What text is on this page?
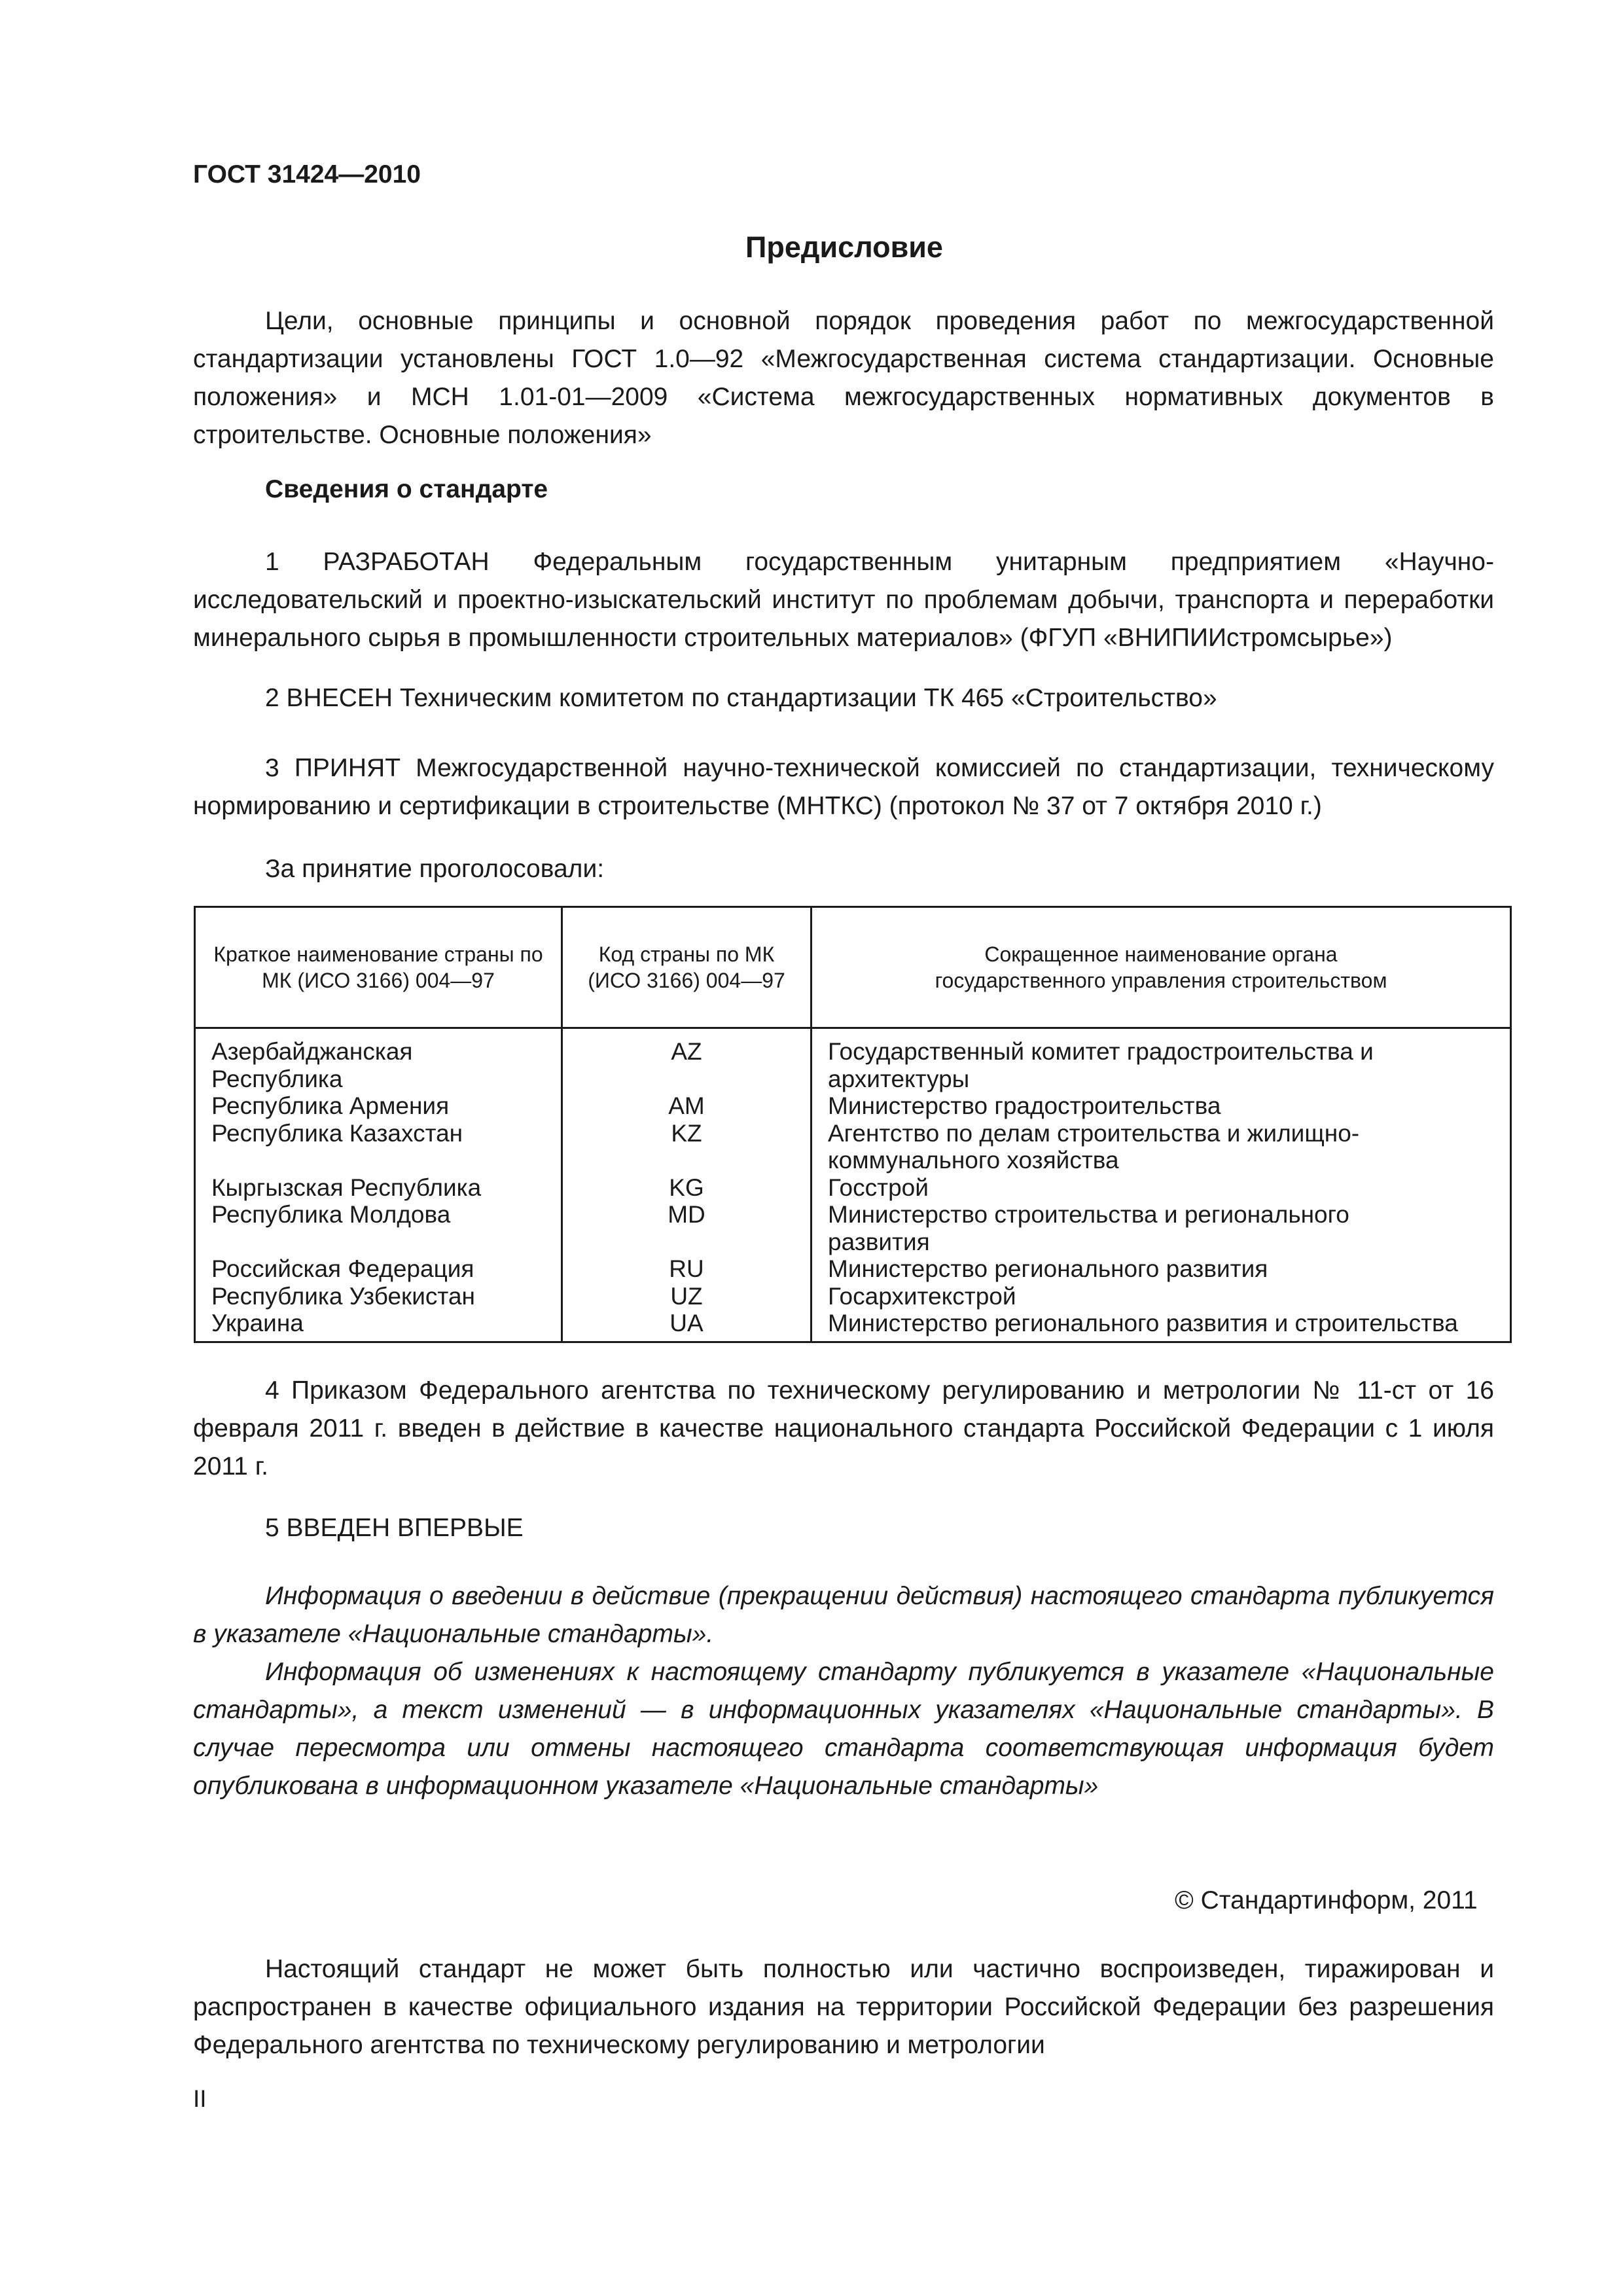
ГОСТ 31424—2010
Предисловие

Цели, основные принципы и основной порядок проведения работ по межгосударственной стандартизации установлены ГОСТ 1.0—92 «Межгосударственная система стандартизации. Основные положения» и МСН 1.01-01—2009 «Система межгосударственных нормативных документов в строительстве. Основные положения»

Сведения о стандарте

1 РАЗРАБОТАН Федеральным государственным унитарным предприятием «Научно-исследовательский и проектно-изыскательский институт по проблемам добычи, транспорта и переработки минерального сырья в промышленности строительных материалов» (ФГУП «ВНИПИИстромсырье»)

2 ВНЕСЕН Техническим комитетом по стандартизации ТК 465 «Строительство»

3 ПРИНЯТ Межгосударственной научно-технической комиссией по стандартизации, техническому нормированию и сертификации в строительстве (МНТКС) (протокол № 37 от 7 октября 2010 г.)

За принятие проголосовали:
Краткое наименование страны по МК (ИСО 3166) 004—97	Код страны по МК (ИСО 3166) 004—97	Сокращенное наименование органа государственного управления строительством
Азербайджанская Республика	AZ	Государственный комитет градостроительства и архитектуры
Республика Армения	AM	Министерство градостроительства
Республика Казахстан	KZ	Агентство по делам строительства и жилищно-коммунального хозяйства
Кыргызская Республика	KG	Госстрой
Республика Молдова	MD	Министерство строительства и регионального развития
Российская Федерация	RU	Министерство регионального развития
Республика Узбекистан	UZ	Госархитекстрой
Украина	UA	Министерство регионального развития и строительства

4 Приказом Федерального агентства по техническому регулированию и метрологии № 11-ст от 16 февраля 2011 г. введен в действие в качестве национального стандарта Российской Федерации с 1 июля 2011 г.

5 ВВЕДЕН ВПЕРВЫЕ

Информация о введении в действие (прекращении действия) настоящего стандарта публикуется в указателе «Национальные стандарты».

Информация об изменениях к настоящему стандарту публикуется в указателе «Национальные стандарты», а текст изменений — в информационных указателях «Национальные стандарты». В случае пересмотра или отмены настоящего стандарта соответствующая информация будет опубликована в информационном указателе «Национальные стандарты»

© Стандартинформ, 2011

Настоящий стандарт не может быть полностью или частично воспроизведен, тиражирован и распространен в качестве официального издания на территории Российской Федерации без разрешения Федерального агентства по техническому регулированию и метрологии

II
